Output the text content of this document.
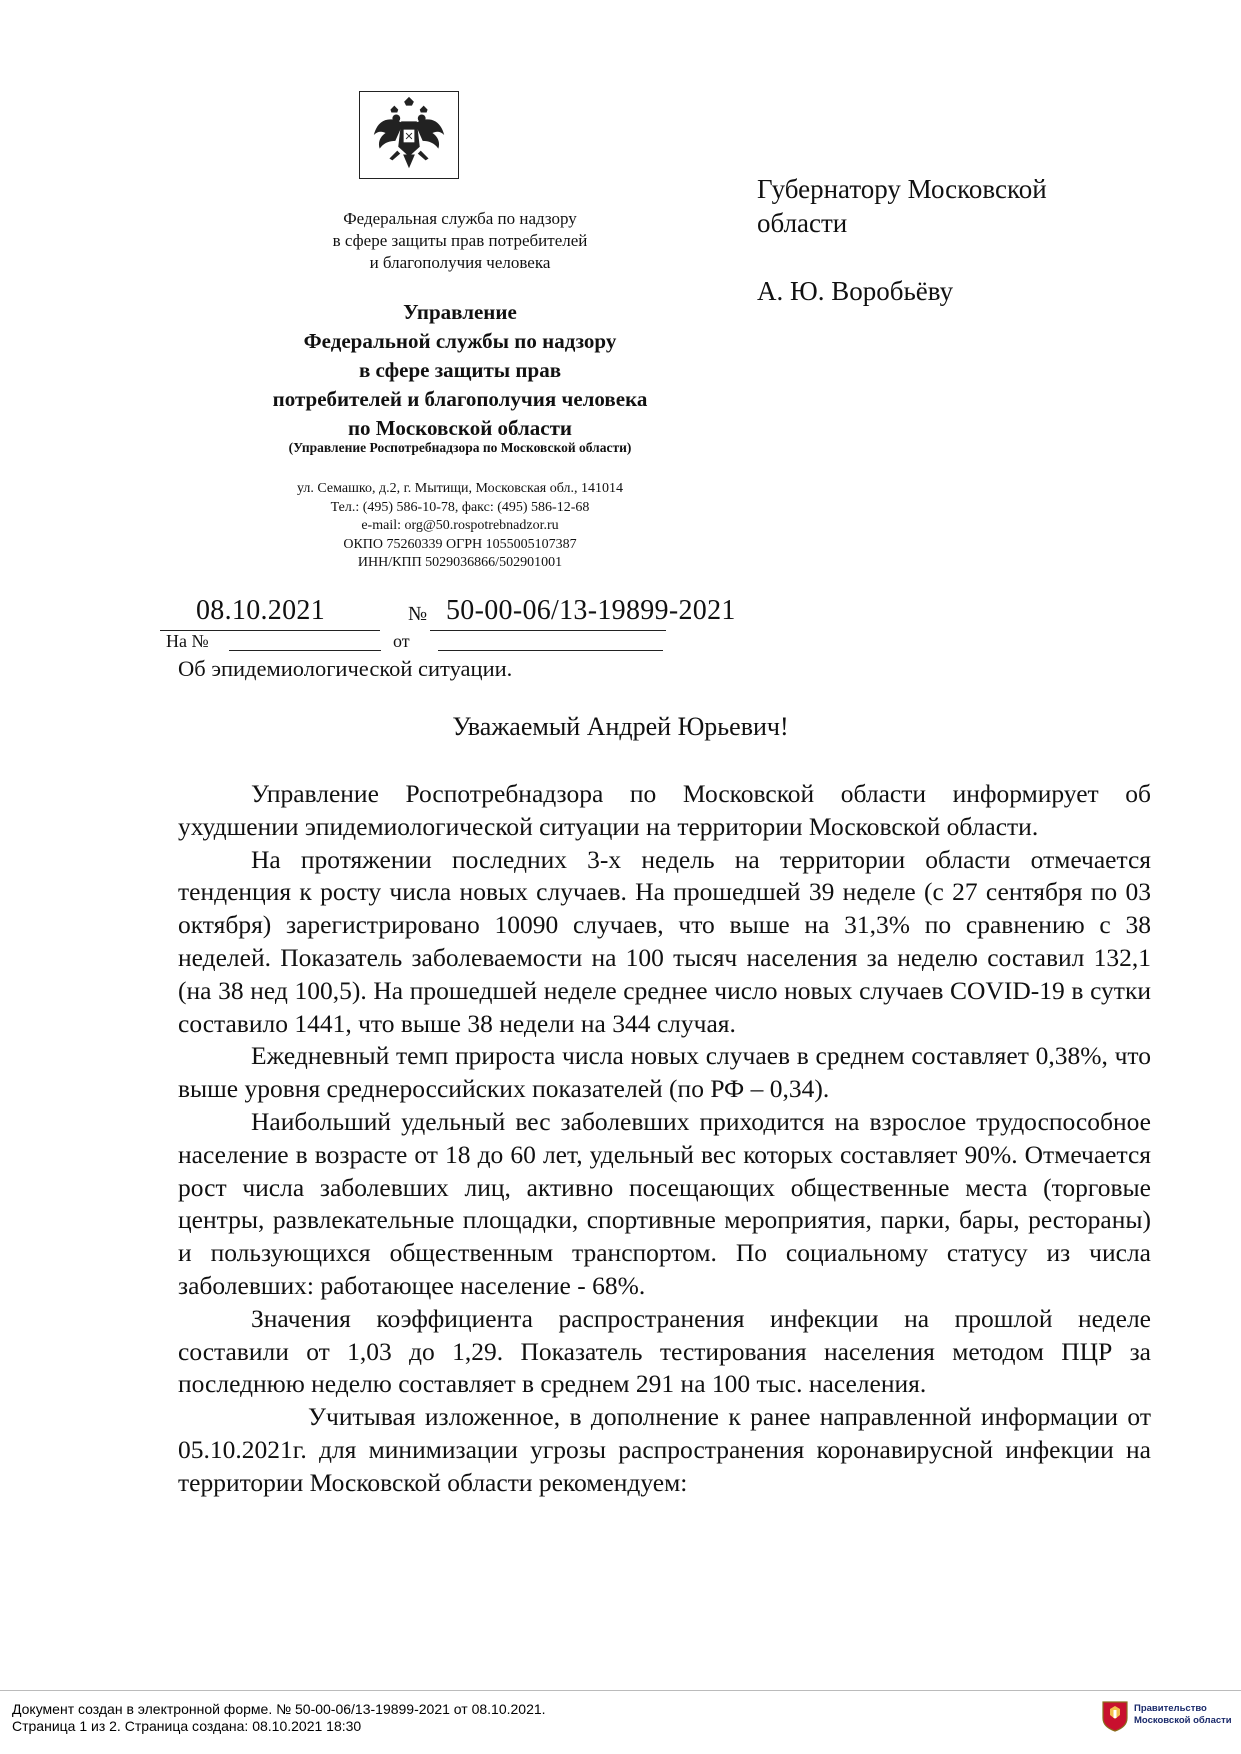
Федеральная служба по надзору
в сфере защиты прав потребителей
и благополучия человека
Управление
Федеральной службы по надзору
в сфере защиты прав
потребителей и благополучия человека
по Московской области
(Управление Роспотребнадзора по Московской области)
ул. Семашко, д.2, г. Мытищи, Московская обл., 141014
Тел.: (495) 586-10-78, факс: (495) 586-12-68
e-mail: org@50.rospotrebnadzor.ru
ОКПО 75260339 ОГРН 1055005107387
ИНН/КПП 5029036866/502901001
Губернатору Московской
области
А. Ю. Воробьёву
08.10.2021	№ 50-00-06/13-19899-2021
На №	от
Об эпидемиологической ситуации.
Уважаемый Андрей Юрьевич!

Управление Роспотребнадзора по Московской области информирует об ухудшении эпидемиологической ситуации на территории Московской области.

На протяжении последних 3-х недель на территории области отмечается тенденция к росту числа новых случаев. На прошедшей 39 неделе (с 27 сентября по 03 октября) зарегистрировано 10090 случаев, что выше на 31,3% по сравнению с 38 неделей. Показатель заболеваемости на 100 тысяч населения за неделю составил 132,1 (на 38 нед 100,5). На прошедшей неделе среднее число новых случаев COVID-19 в сутки составило 1441, что выше 38 недели на 344 случая.

Ежедневный темп прироста числа новых случаев в среднем составляет 0,38%, что выше уровня среднероссийских показателей (по РФ – 0,34).

Наибольший удельный вес заболевших приходится на взрослое трудоспособное население в возрасте от 18 до 60 лет, удельный вес которых составляет 90%. Отмечается рост числа заболевших лиц, активно посещающих общественные места (торговые центры, развлекательные площадки, спортивные мероприятия, парки, бары, рестораны) и пользующихся общественным транспортом. По социальному статусу из числа заболевших: работающее население - 68%.

Значения коэффициента распространения инфекции на прошлой неделе составили от 1,03 до 1,29. Показатель тестирования населения методом ПЦР за последнюю неделю составляет в среднем 291 на 100 тыс. населения.

Учитывая изложенное, в дополнение к ранее направленной информации от 05.10.2021г. для минимизации угрозы распространения коронавирусной инфекции на территории Московской области рекомендуем:

Документ создан в электронной форме. № 50-00-06/13-19899-2021 от 08.10.2021.
Страница 1 из 2. Страница создана: 08.10.2021 18:30
Правительство
Московской области
